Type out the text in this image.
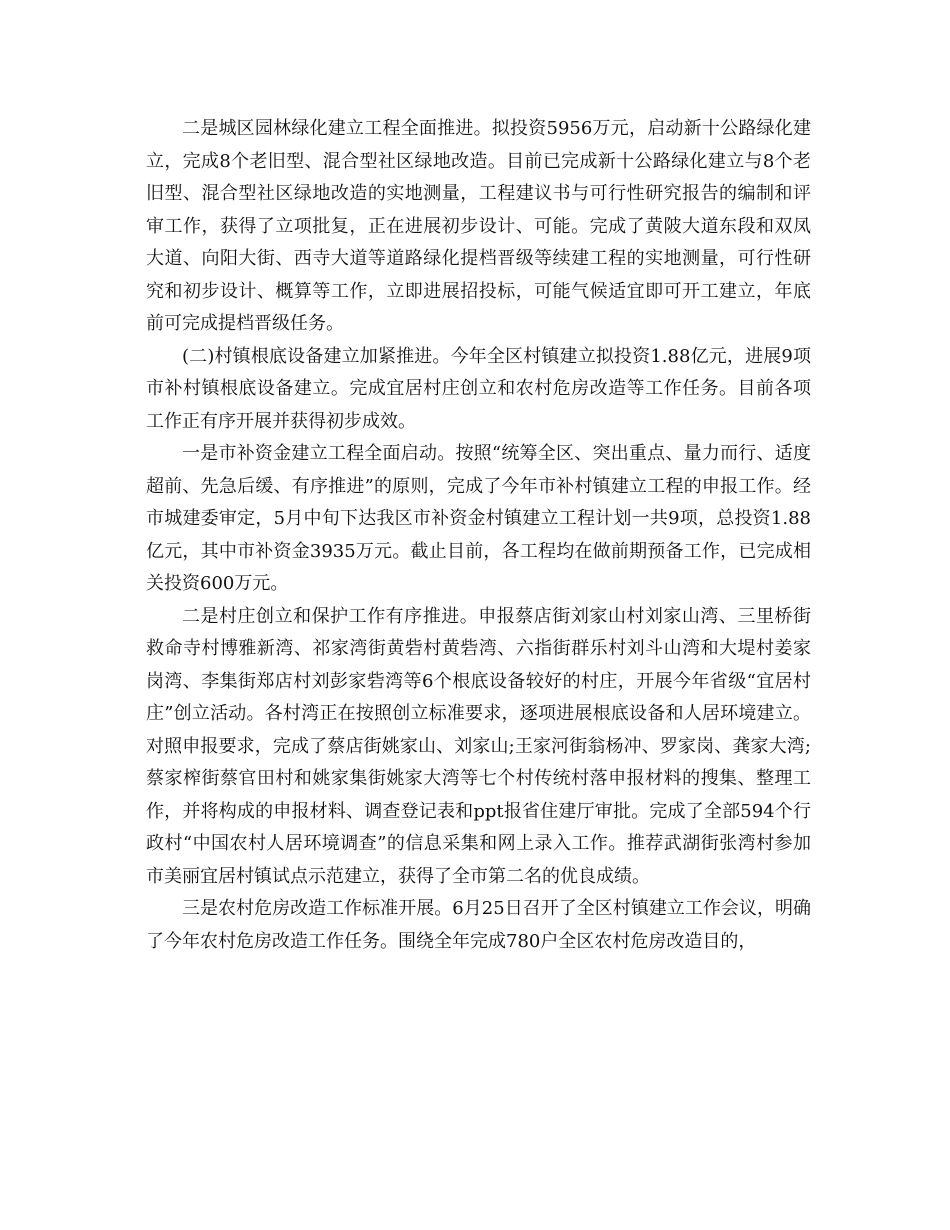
二是城区园林绿化建立工程全面推进。拟投资5956万元，启动新十公路绿化建立，完成8个老旧型、混合型社区绿地改造。目前已完成新十公路绿化建立与8个老旧型、混合型社区绿地改造的实地测量，工程建议书与可行性研究报告的编制和评审工作，获得了立项批复，正在进展初步设计、可能。完成了黄陂大道东段和双凤大道、向阳大街、西寺大道等道路绿化提档晋级等续建工程的实地测量，可行性研究和初步设计、概算等工作，立即进展招投标，可能气候适宜即可开工建立，年底前可完成提档晋级任务。

(二)村镇根底设备建立加紧推进。今年全区村镇建立拟投资1.88亿元，进展9项市补村镇根底设备建立。完成宜居村庄创立和农村危房改造等工作任务。目前各项工作正有序开展并获得初步成效。

一是市补资金建立工程全面启动。按照“统筹全区、突出重点、量力而行、适度超前、先急后缓、有序推进”的原则，完成了今年市补村镇建立工程的申报工作。经市城建委审定，5月中旬下达我区市补资金村镇建立工程计划一共9项，总投资1.88亿元，其中市补资金3935万元。截止目前，各工程均在做前期预备工作，已完成相关投资600万元。

二是村庄创立和保护工作有序推进。申报蔡店街刘家山村刘家山湾、三里桥街救命寺村博雅新湾、祁家湾街黄砦村黄砦湾、六指街群乐村刘斗山湾和大堤村姜家岗湾、李集街郑店村刘彭家砦湾等6个根底设备较好的村庄，开展今年省级“宜居村庄”创立活动。各村湾正在按照创立标准要求，逐项进展根底设备和人居环境建立。对照申报要求，完成了蔡店街姚家山、刘家山;王家河街翁杨冲、罗家岗、龚家大湾;蔡家榨街蔡官田村和姚家集街姚家大湾等七个村传统村落申报材料的搜集、整理工作，并将构成的申报材料、调查登记表和ppt报省住建厅审批。完成了全部594个行政村“中国农村人居环境调查”的信息采集和网上录入工作。推荐武湖街张湾村参加市美丽宜居村镇试点示范建立，获得了全市第二名的优良成绩。

三是农村危房改造工作标准开展。6月25日召开了全区村镇建立工作会议，明确了今年农村危房改造工作任务。围绕全年完成780户全区农村危房改造目的，
